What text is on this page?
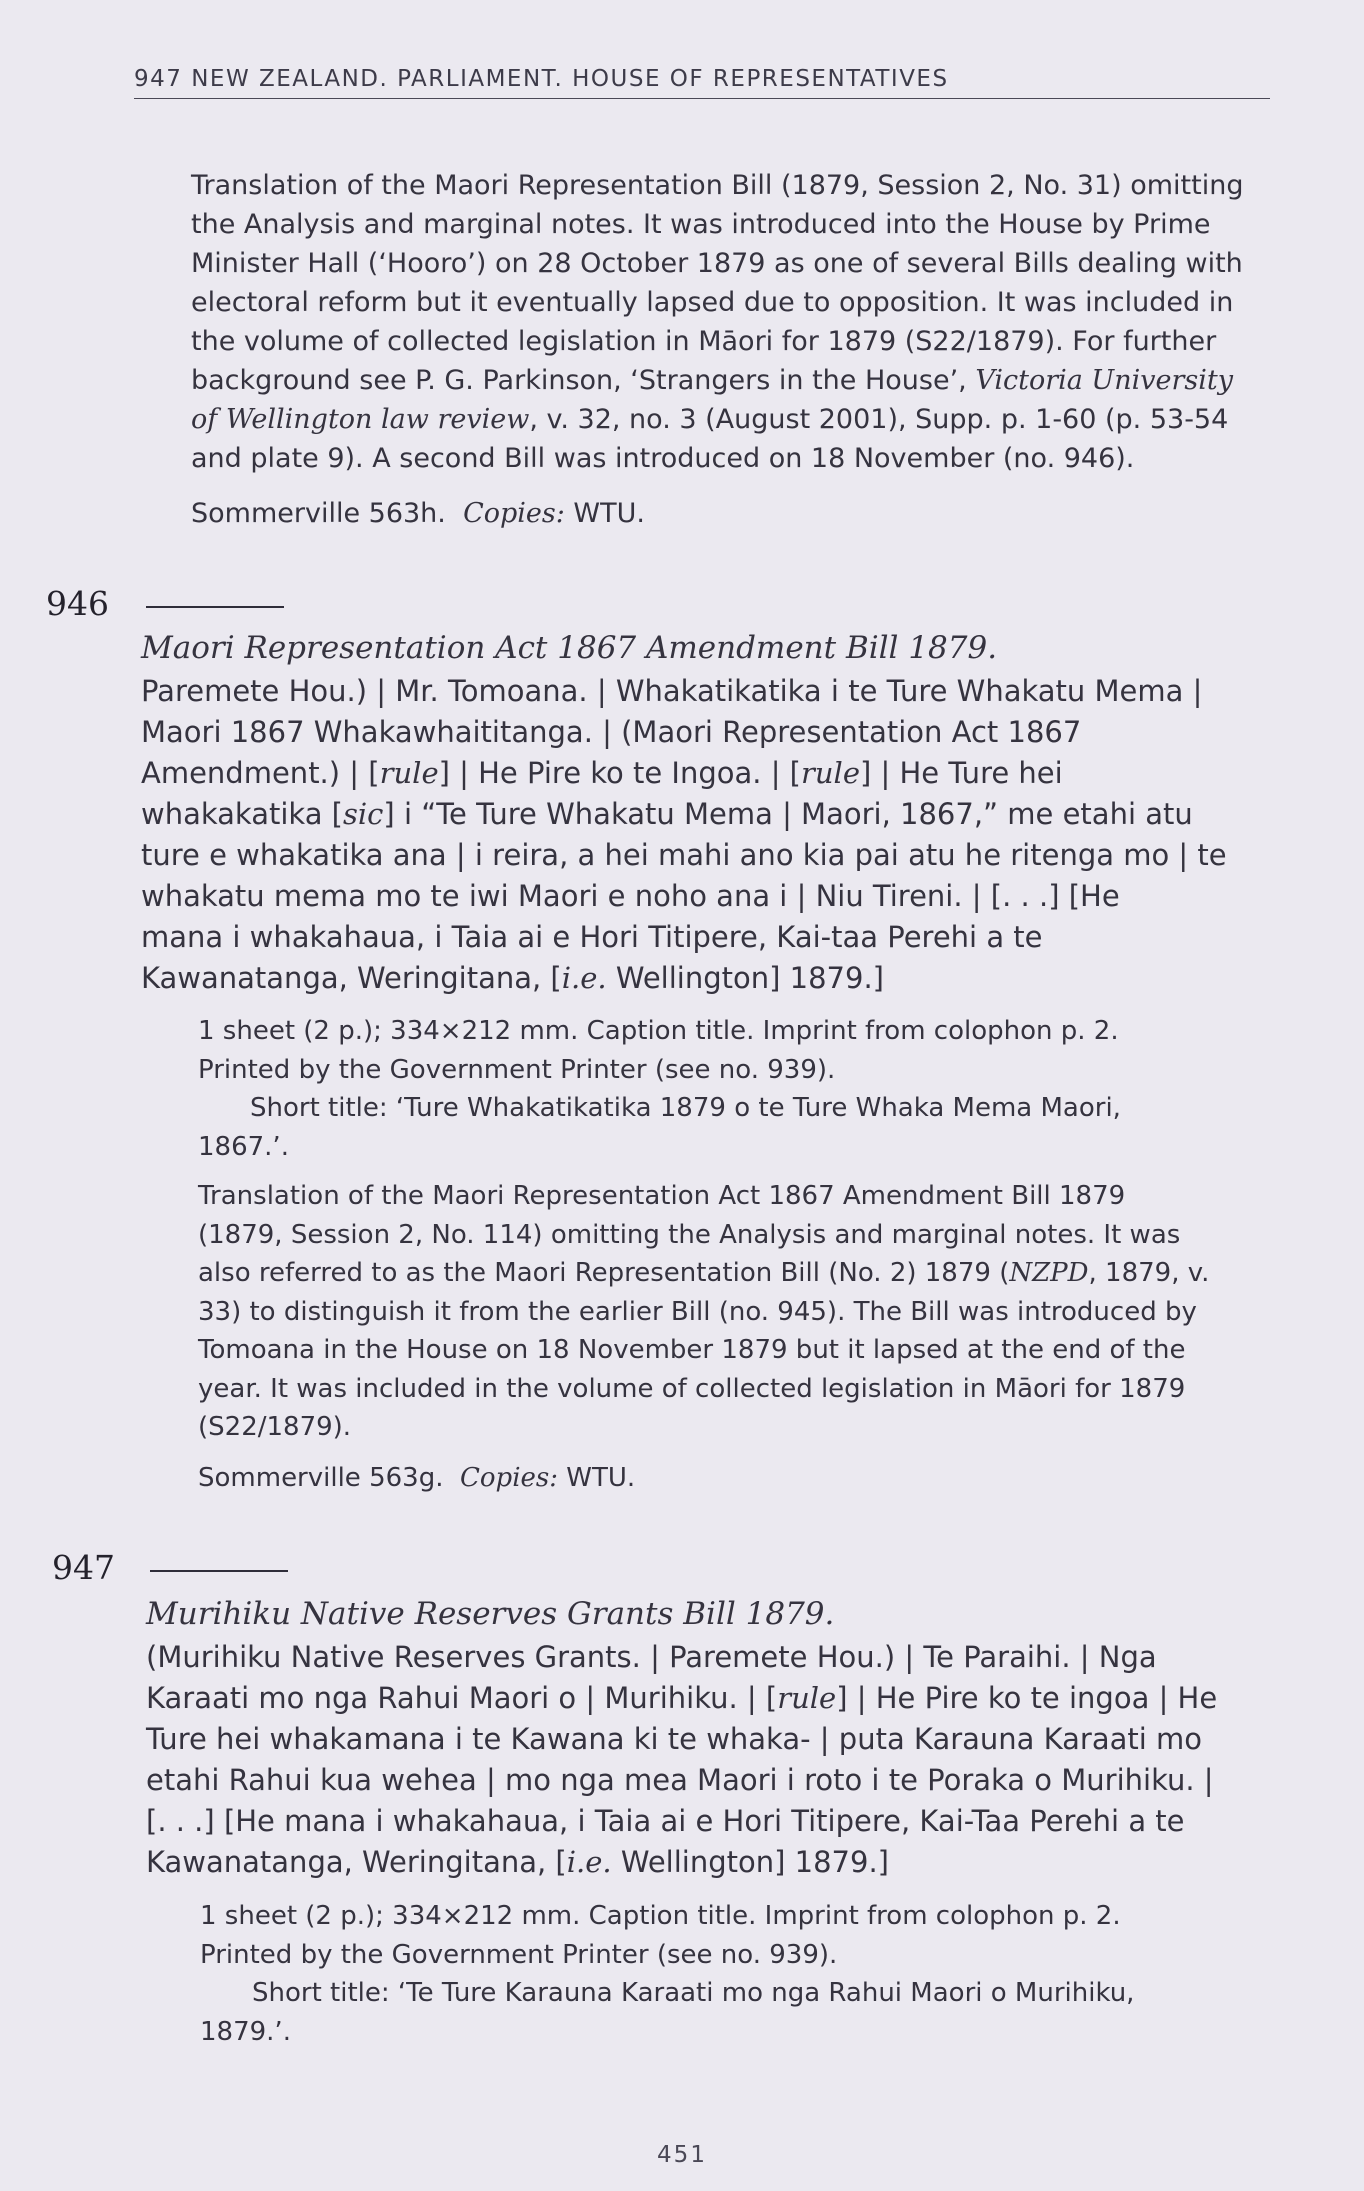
947 NEW ZEALAND. PARLIAMENT. HOUSE OF REPRESENTATIVES

Translation of the Maori Representation Bill (1879, Session 2, No. 31) omitting
the Analysis and marginal notes. It was introduced into the House by Prime
Minister Hall (‘Hooro’) on 28 October 1879 as one of several Bills dealing with
electoral reform but it eventually lapsed due to opposition. It was included in
the volume of collected legislation in Māori for 1879 (S22/1879). For further
background see P. G. Parkinson, ‘Strangers in the House’, Victoria University
of Wellington law review, v. 32, no. 3 (August 2001), Supp. p. 1-60 (p. 53-54
and plate 9). A second Bill was introduced on 18 November (no. 946).

Sommerville 563h. Copies: WTU.

946
Maori Representation Act 1867 Amendment Bill 1879.

Paremete Hou.) | Mr. Tomoana. | Whakatikatika i te Ture Whakatu Mema |
Maori 1867 Whakawhaititanga. | (Maori Representation Act 1867
Amendment.) | [rule] | He Pire ko te Ingoa. | [rule] | He Ture hei
whakakatika [sic] i “Te Ture Whakatu Mema | Maori, 1867,” me etahi atu
ture e whakatika ana | i reira, a hei mahi ano kia pai atu he ritenga mo | te
whakatu mema mo te iwi Maori e noho ana i | Niu Tireni. | [. . .] [He
mana i whakahaua, i Taia ai e Hori Titipere, Kai-taa Perehi a te
Kawanatanga, Weringitana, [i.e. Wellington] 1879.]

1 sheet (2 p.); 334×212 mm. Caption title. Imprint from colophon p. 2.
Printed by the Government Printer (see no. 939).
Short title: ‘Ture Whakatikatika 1879 o te Ture Whaka Mema Maori,
1867.’.

Translation of the Maori Representation Act 1867 Amendment Bill 1879
(1879, Session 2, No. 114) omitting the Analysis and marginal notes. It was
also referred to as the Maori Representation Bill (No. 2) 1879 (NZPD, 1879, v.
33) to distinguish it from the earlier Bill (no. 945). The Bill was introduced by
Tomoana in the House on 18 November 1879 but it lapsed at the end of the
year. It was included in the volume of collected legislation in Māori for 1879
(S22/1879).

Sommerville 563g. Copies: WTU.

947
Murihiku Native Reserves Grants Bill 1879.

(Murihiku Native Reserves Grants. | Paremete Hou.) | Te Paraihi. | Nga
Karaati mo nga Rahui Maori o | Murihiku. | [rule] | He Pire ko te ingoa | He
Ture hei whakamana i te Kawana ki te whaka- | puta Karauna Karaati mo
etahi Rahui kua wehea | mo nga mea Maori i roto i te Poraka o Murihiku. |
[. . .] [He mana i whakahaua, i Taia ai e Hori Titipere, Kai-Taa Perehi a te
Kawanatanga, Weringitana, [i.e. Wellington] 1879.]

1 sheet (2 p.); 334×212 mm. Caption title. Imprint from colophon p. 2.
Printed by the Government Printer (see no. 939).
Short title: ‘Te Ture Karauna Karaati mo nga Rahui Maori o Murihiku,
1879.’.

451
